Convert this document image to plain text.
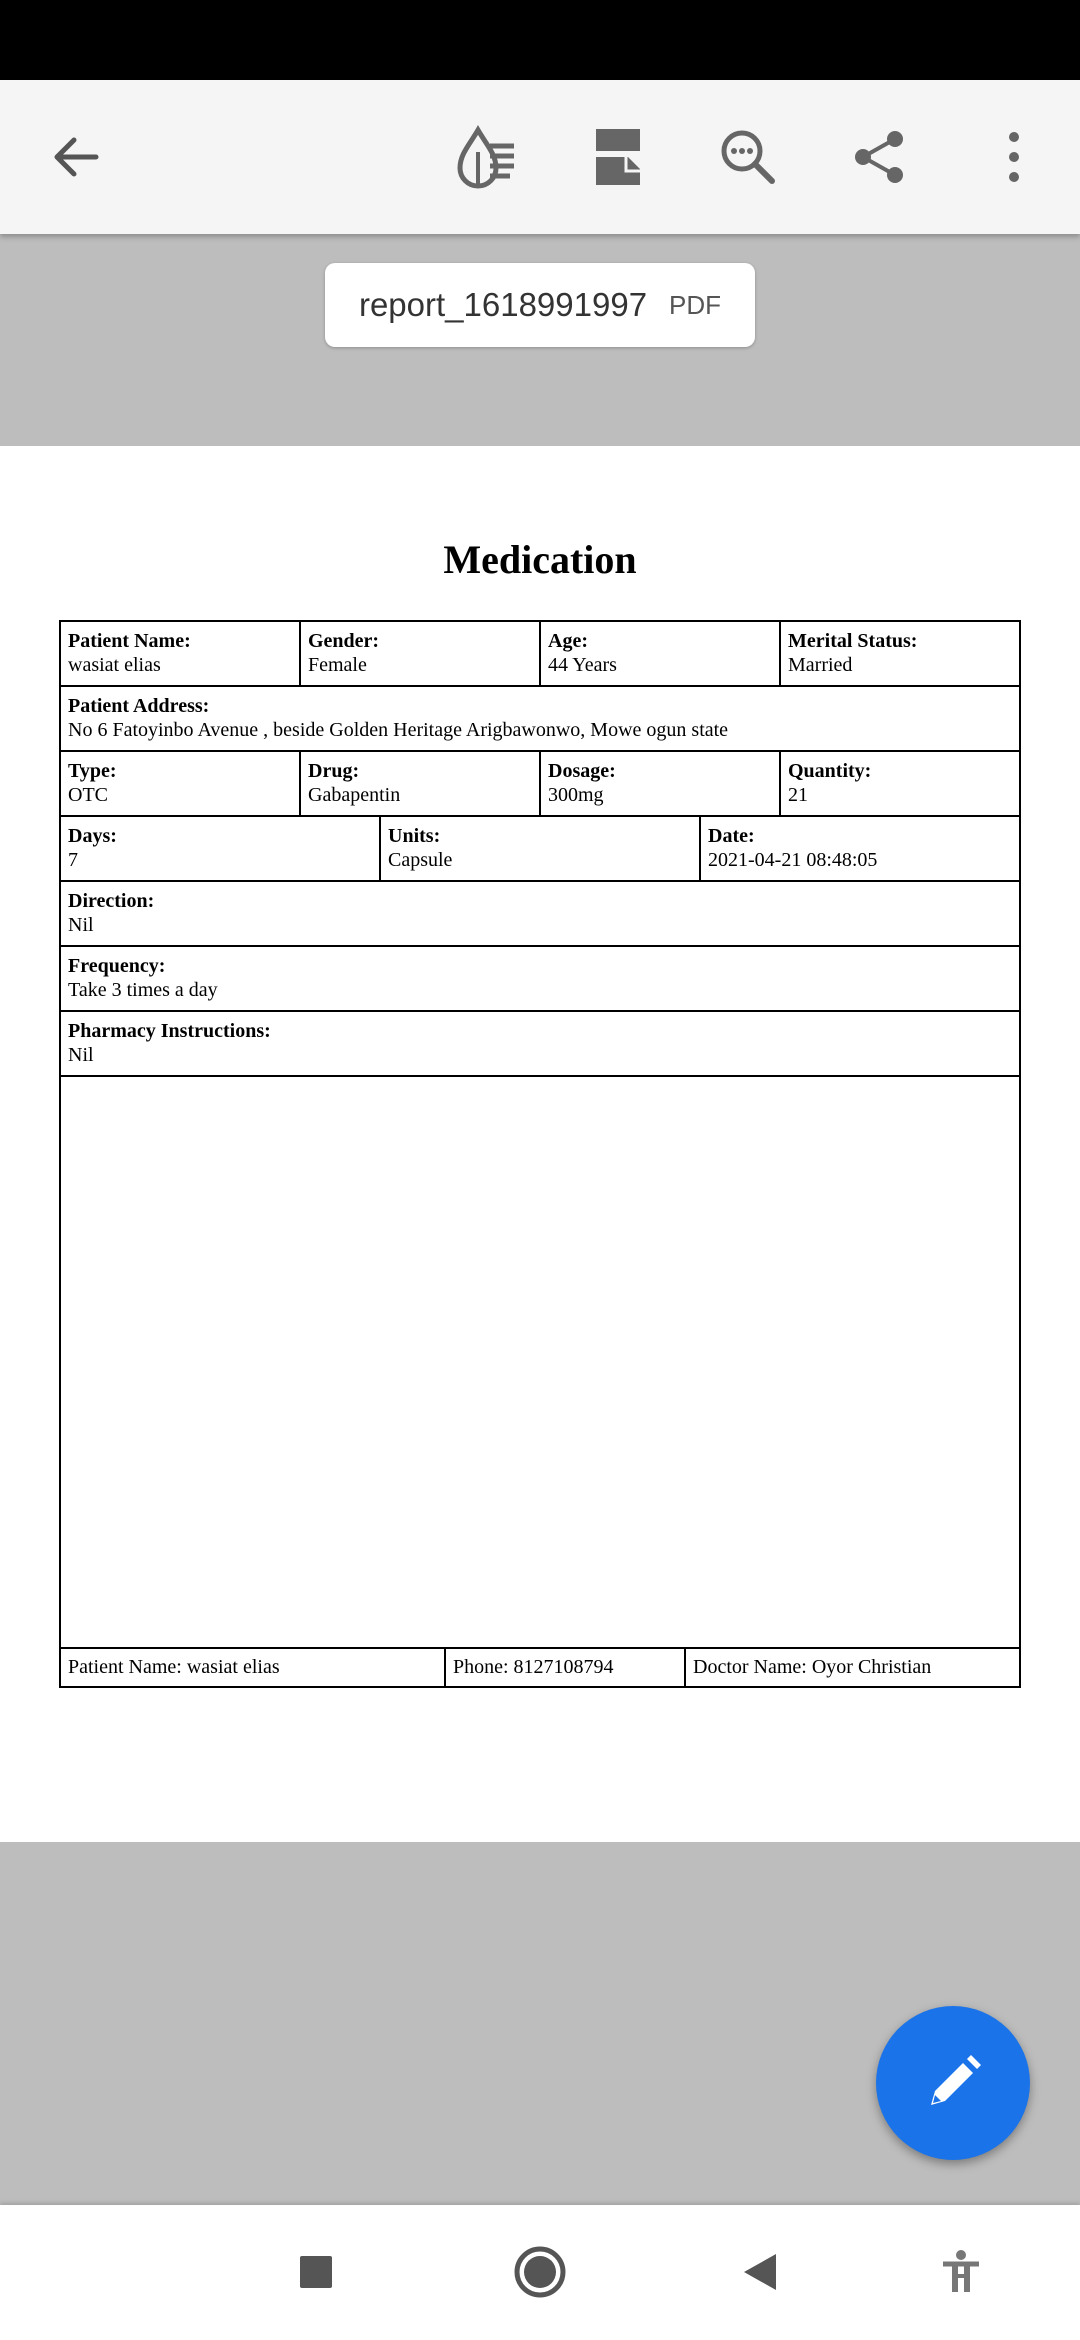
report_1618991997 PDF
Medication
Patient Name:
wasiat elias
Gender:
Female
Age:
44 Years
Merital Status:
Married
Patient Address:
No 6 Fatoyinbo Avenue , beside Golden Heritage Arigbawonwo, Mowe ogun state
Type:
OTC
Drug:
Gabapentin
Dosage:
300mg
Quantity:
21
Days:
7
Units:
Capsule
Date:
2021-04-21 08:48:05
Direction:
Nil
Frequency:
Take 3 times a day
Pharmacy Instructions:
Nil
Patient Name: wasiat elias	Phone: 8127108794	Doctor Name: Oyor Christian
